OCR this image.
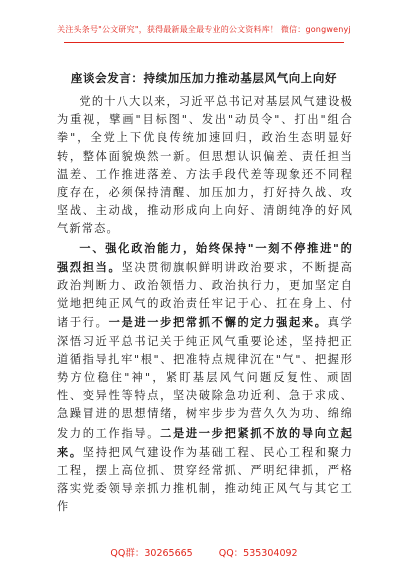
关注头条号"公文研究"，获得最新最全最专业的公文资料库！ 微信：gongwenyj
座谈会发言：持续加压加力推动基层风气向上向好

党的十八大以来，习近平总书记对基层风气建设极为重视，擘画"目标图"、发出"动员令"、打出"组合拳"，全党上下优良传统加速回归，政治生态明显好转，整体面貌焕然一新。但思想认识偏差、责任担当温差、工作推进落差、方法手段代差等现象还不同程度存在，必须保持清醒、加压加力，打好持久战、攻坚战、主动战，推动形成向上向好、清朗纯净的好风气新常态。

一、强化政治能力，始终保持"一刻不停推进"的强烈担当。坚决贯彻旗帜鲜明讲政治要求，不断提高政治判断力、政治领悟力、政治执行力，更加坚定自觉地把纯正风气的政治责任牢记于心、扛在身上、付诸于行。一是进一步把常抓不懈的定力强起来。真学深悟习近平总书记关于纯正风气重要论述，坚持把正道循指导扎牢"根"、把准特点规律沉在"气"、把握形势方位稳住"神"，紧盯基层风气问题反复性、顽固性、变异性等特点，坚决破除急功近利、急于求成、急躁冒进的思想情绪，树牢步步为营久久为功、绵绵发力的工作指导。二是进一步把紧抓不放的导向立起来。坚持把风气建设作为基础工程、民心工程和聚力工程，摆上高位抓、贯穿经常抓、严明纪律抓，严格落实党委领导亲抓力推机制，推动纯正风气与其它工作

QQ群：30265665	QQ：535304092
